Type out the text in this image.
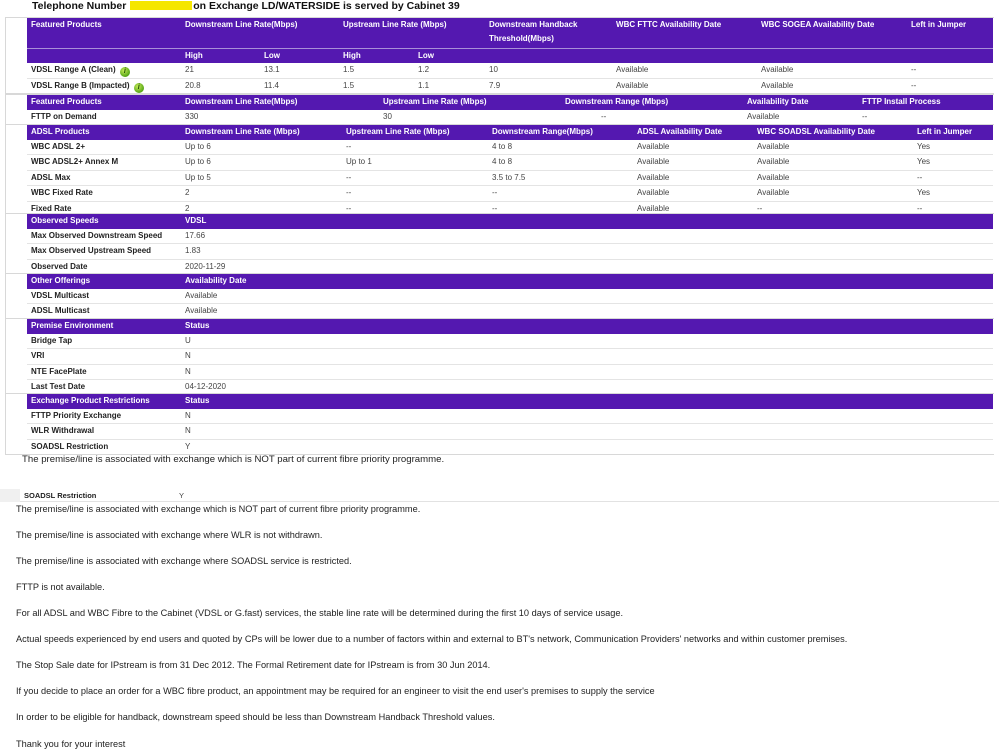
Telephone Number	on Exchange LD/WATERSIDE is served by Cabinet 39
Featured Products	Downstream Line Rate(Mbps)		Upstream Line Rate (Mbps)		Downstream Handback Threshold(Mbps)	WBC FTTC Availability Date	WBC SOGEA Availability Date	Left in Jumper
	High	Low	High	Low				
VDSL Range A (Clean) i	21	13.1	1.5	1.2	10	Available	Available	--
VDSL Range B (Impacted) i	20.8	11.4	1.5	1.1	7.9	Available	Available	--
Featured Products	Downstream Line Rate(Mbps)	Upstream Line Rate (Mbps)	Downstream Range (Mbps)	Availability Date	FTTP Install Process
FTTP on Demand	330	30	--	Available	--
ADSL Products	Downstream Line Rate (Mbps)	Upstream Line Rate (Mbps)	Downstream Range(Mbps)	ADSL Availability Date	WBC SOADSL Availability Date	Left in Jumper
WBC ADSL 2+	Up to 6	--	4 to 8	Available	Available	Yes
WBC ADSL2+ Annex M	Up to 6	Up to 1	4 to 8	Available	Available	Yes
ADSL Max	Up to 5	--	3.5 to 7.5	Available	Available	--
WBC Fixed Rate	2	--	--	Available	Available	Yes
Fixed Rate	2	--	--	Available	--	--
Observed Speeds	VDSL
Max Observed Downstream Speed	17.66
Max Observed Upstream Speed	1.83
Observed Date	2020-11-29
Other Offerings	Availability Date
VDSL Multicast	Available
ADSL Multicast	Available
Premise Environment	Status
Bridge Tap	U
VRI	N
NTE FacePlate	N
Last Test Date	04-12-2020
Exchange Product Restrictions	Status
FTTP Priority Exchange	N
WLR Withdrawal	N
SOADSL Restriction	Y
The premise/line is associated with exchange which is NOT part of current fibre priority programme.
SOADSL Restriction	Y
The premise/line is associated with exchange which is NOT part of current fibre priority programme.
The premise/line is associated with exchange where WLR is not withdrawn.
The premise/line is associated with exchange where SOADSL service is restricted.
FTTP is not available.
For all ADSL and WBC Fibre to the Cabinet (VDSL or G.fast) services, the stable line rate will be determined during the first 10 days of service usage.
Actual speeds experienced by end users and quoted by CPs will be lower due to a number of factors within and external to BT's network, Communication Providers' networks and within customer premises.
The Stop Sale date for IPstream is from 31 Dec 2012. The Formal Retirement date for IPstream is from 30 Jun 2014.
If you decide to place an order for a WBC fibre product, an appointment may be required for an engineer to visit the end user's premises to supply the service
In order to be eligible for handback, downstream speed should be less than Downstream Handback Threshold values.
Thank you for your interest
